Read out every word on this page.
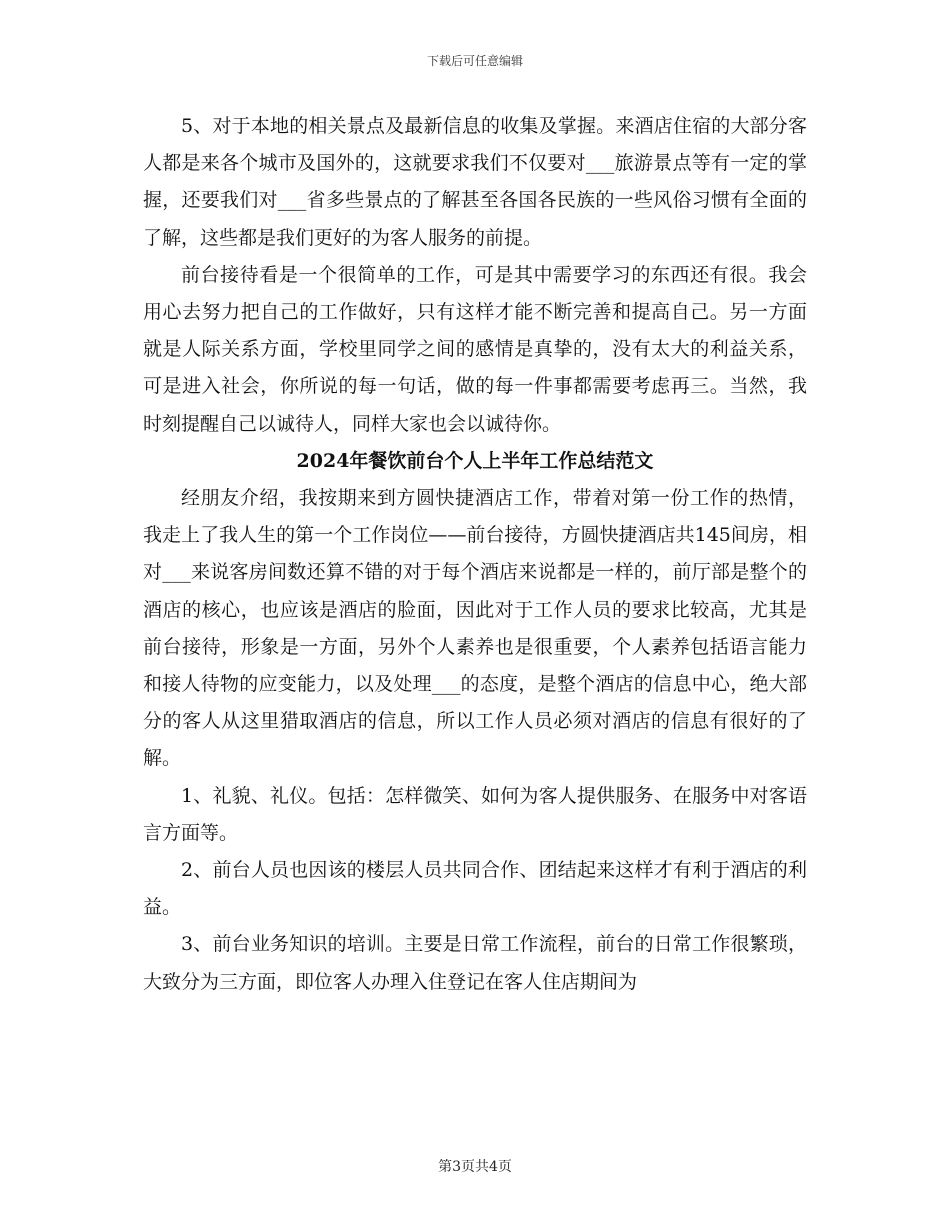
下载后可任意编辑

5、对于本地的相关景点及最新信息的收集及掌握。来酒店住宿的大部分客人都是来各个城市及国外的，这就要求我们不仅要对___旅游景点等有一定的掌握，还要我们对___省多些景点的了解甚至各国各民族的一些风俗习惯有全面的了解，这些都是我们更好的为客人服务的前提。

前台接待看是一个很简单的工作，可是其中需要学习的东西还有很。我会用心去努力把自己的工作做好，只有这样才能不断完善和提高自己。另一方面就是人际关系方面，学校里同学之间的感情是真挚的，没有太大的利益关系，可是进入社会，你所说的每一句话，做的每一件事都需要考虑再三。当然，我时刻提醒自己以诚待人，同样大家也会以诚待你。

2024年餐饮前台个人上半年工作总结范文

经朋友介绍，我按期来到方圆快捷酒店工作，带着对第一份工作的热情，我走上了我人生的第一个工作岗位——前台接待，方圆快捷酒店共145间房，相对___来说客房间数还算不错的对于每个酒店来说都是一样的，前厅部是整个的酒店的核心，也应该是酒店的脸面，因此对于工作人员的要求比较高，尤其是前台接待，形象是一方面，另外个人素养也是很重要，个人素养包括语言能力和接人待物的应变能力，以及处理___的态度，是整个酒店的信息中心，绝大部分的客人从这里猎取酒店的信息，所以工作人员必须对酒店的信息有很好的了解。

1、礼貌、礼仪。包括：怎样微笑、如何为客人提供服务、在服务中对客语言方面等。

2、前台人员也因该的楼层人员共同合作、团结起来这样才有利于酒店的利益。

3、前台业务知识的培训。主要是日常工作流程，前台的日常工作很繁琐，大致分为三方面，即位客人办理入住登记在客人住店期间为

第3页共4页
